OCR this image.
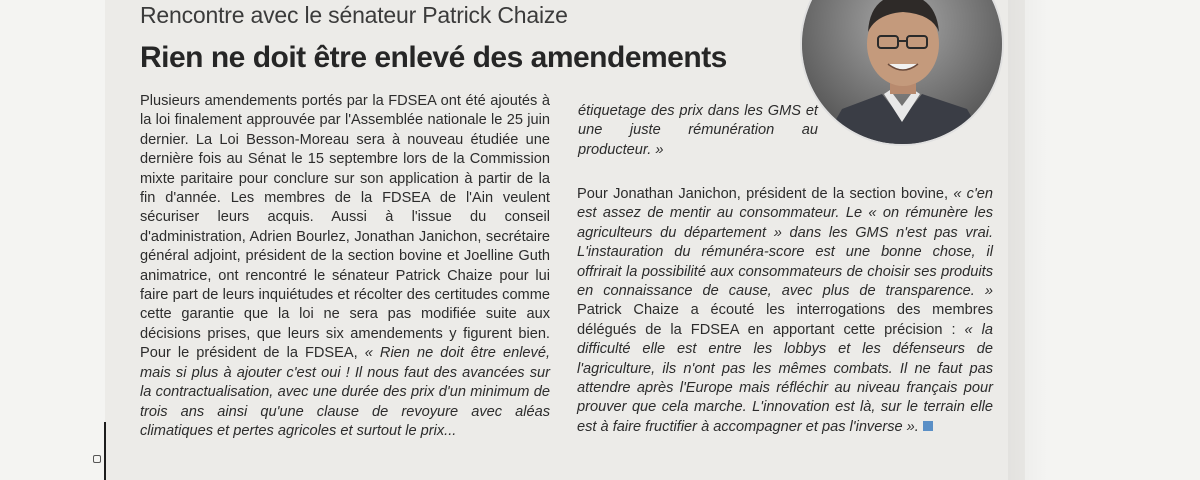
Rencontre avec le sénateur Patrick Chaize
Rien ne doit être enlevé des amendements

Plusieurs amendements portés par la FDSEA ont été ajoutés à la loi finalement approuvée par l'Assemblée nationale le 25 juin dernier. La Loi Besson-Moreau sera à nouveau étudiée une dernière fois au Sénat le 15 septembre lors de la Commission mixte paritaire pour conclure sur son application à partir de la fin d'année. Les membres de la FDSEA de l'Ain veulent sécuriser leurs acquis. Aussi à l'issue du conseil d'administration, Adrien Bourlez, Jonathan Janichon, secrétaire général adjoint, président de la section bovine et Joelline Guth animatrice, ont rencontré le sénateur Patrick Chaize pour lui faire part de leurs inquiétudes et récolter des certitudes comme cette garantie que la loi ne sera pas modifiée suite aux décisions prises, que leurs six amendements y figurent bien. Pour le président de la FDSEA, « Rien ne doit être enlevé, mais si plus à ajouter c'est oui ! Il nous faut des avancées sur la contractualisation, avec une durée des prix d'un minimum de trois ans ainsi qu'une clause de revoyure avec aléas climatiques et pertes agricoles et surtout le prix...

étiquetage des prix dans les GMS et une juste rémunération au producteur. »

Pour Jonathan Janichon, président de la section bovine, « c'en est assez de mentir au consommateur. Le « on rémunère les agriculteurs du département » dans les GMS n'est pas vrai. L'instauration du rémunéra-score est une bonne chose, il offrirait la possibilité aux consommateurs de choisir ses produits en connaissance de cause, avec plus de transparence. » Patrick Chaize a écouté les interrogations des membres délégués de la FDSEA en apportant cette précision : « la difficulté elle est entre les lobbys et les défenseurs de l'agriculture, ils n'ont pas les mêmes combats. Il ne faut pas attendre après l'Europe mais réfléchir au niveau français pour prouver que cela marche. L'innovation est là, sur le terrain elle est à faire fructifier à accompagner et pas l'inverse ».
